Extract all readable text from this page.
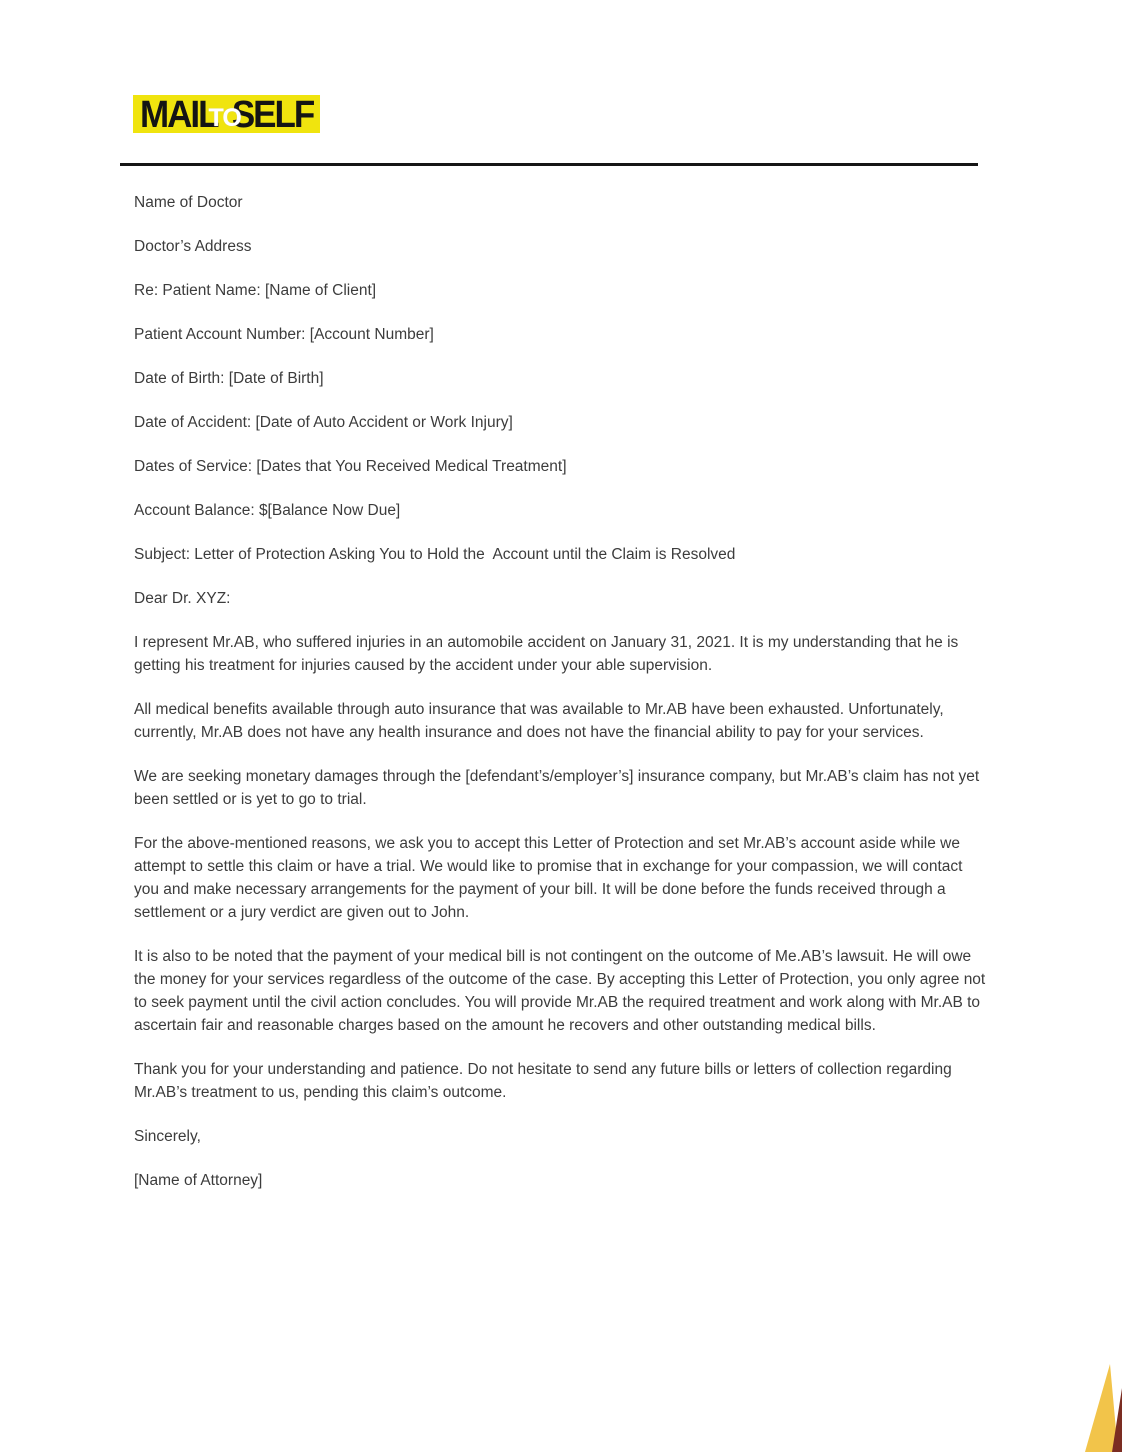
MAIL
TO
SELF

Name of Doctor

Doctor’s Address

Re: Patient Name: [Name of Client]

Patient Account Number: [Account Number]

Date of Birth: [Date of Birth]

Date of Accident: [Date of Auto Accident or Work Injury]

Dates of Service: [Dates that You Received Medical Treatment]

Account Balance: $[Balance Now Due]

Subject: Letter of Protection Asking You to Hold the  Account until the Claim is Resolved

Dear Dr. XYZ:

I represent Mr.AB, who suffered injuries in an automobile accident on January 31, 2021. It is my understanding that he is getting his treatment for injuries caused by the accident under your able supervision.

All medical benefits available through auto insurance that was available to Mr.AB have been exhausted. Unfortunately, currently, Mr.AB does not have any health insurance and does not have the financial ability to pay for your services.

We are seeking monetary damages through the [defendant’s/employer’s] insurance company, but Mr.AB’s claim has not yet been settled or is yet to go to trial.

For the above-mentioned reasons, we ask you to accept this Letter of Protection and set Mr.AB’s account aside while we attempt to settle this claim or have a trial. We would like to promise that in exchange for your compassion, we will contact you and make necessary arrangements for the payment of your bill. It will be done before the funds received through a settlement or a jury verdict are given out to John.

It is also to be noted that the payment of your medical bill is not contingent on the outcome of Me.AB’s lawsuit. He will owe the money for your services regardless of the outcome of the case. By accepting this Letter of Protection, you only agree not to seek payment until the civil action concludes. You will provide Mr.AB the required treatment and work along with Mr.AB to ascertain fair and reasonable charges based on the amount he recovers and other outstanding medical bills.

Thank you for your understanding and patience. Do not hesitate to send any future bills or letters of collection regarding Mr.AB’s treatment to us, pending this claim’s outcome.

Sincerely,

[Name of Attorney]
